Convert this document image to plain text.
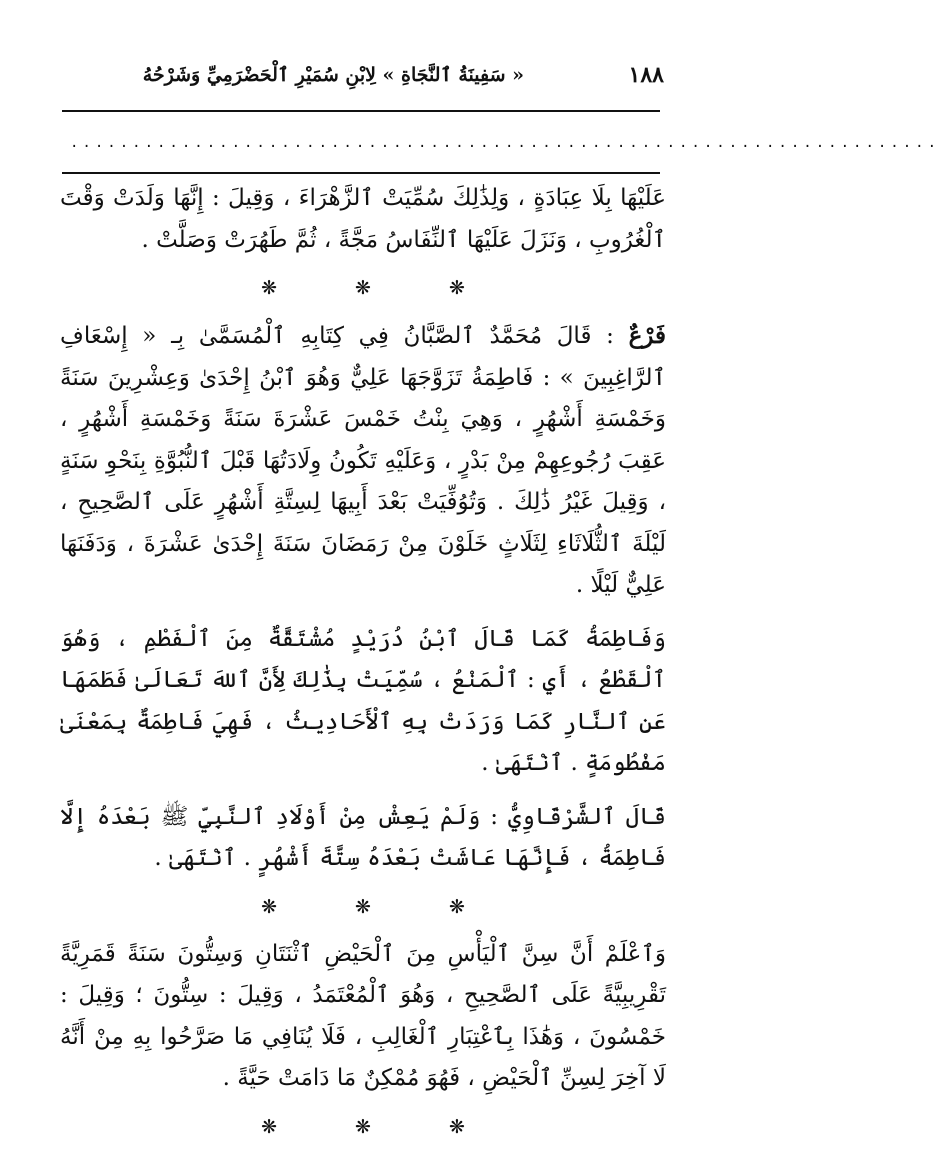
١٨٨
« سَفِينَةُ ٱلنَّجَاةِ » لِابْنِ سُمَيْرِ ٱلْحَضْرَمِيِّ وَشَرْحُهُ
......................................................................

عَلَيْهَا بِلَا عِبَادَةٍ ، وَلِذَٰلِكَ سُمِّيَتْ ٱلزَّهْرَاءَ ، وَقِيلَ : إِنَّهَا وَلَدَتْ وَقْتَ ٱلْغُرُوبِ ، وَنَزَلَ عَلَيْهَا ٱلنِّفَاسُ مَجَّةً ، ثُمَّ طَهُرَتْ وَصَلَّتْ .

❋	❋	❋

فَرْعٌ : قَالَ مُحَمَّدٌ ٱلصَّبَّانُ فِي كِتَابِهِ ٱلْمُسَمَّىٰ بِـ « إِسْعَافِ ٱلرَّاغِبِينَ » : فَاطِمَةُ تَزَوَّجَهَا عَلِيٌّ وَهُوَ ٱبْنُ إِحْدَىٰ وَعِشْرِينَ سَنَةً وَخَمْسَةِ أَشْهُرٍ ، وَهِيَ بِنْتُ خَمْسَ عَشْرَةَ سَنَةً وَخَمْسَةِ أَشْهُرٍ ، عَقِبَ رُجُوعِهِمْ مِنْ بَدْرٍ ، وَعَلَيْهِ تَكُونُ وِلَادَتُهَا قَبْلَ ٱلنُّبُوَّةِ بِنَحْوِ سَنَةٍ ، وَقِيلَ غَيْرُ ذَٰلِكَ . وَتُوُفِّيَتْ بَعْدَ أَبِيهَا لِسِتَّةِ أَشْهُرٍ عَلَى ٱلصَّحِيحِ ، لَيْلَةَ ٱلثُّلَاثَاءِ لِثَلَاثٍ خَلَوْنَ مِنْ رَمَضَانَ سَنَةَ إِحْدَىٰ عَشْرَةَ ، وَدَفَنَهَا عَلِيٌّ لَيْلًا .

وَفَاطِمَةُ كَمَا قَالَ ٱبْنُ دُرَيْدٍ مُشْتَقَّةٌ مِنَ ٱلْفَطْمِ ، وَهُوَ ٱلْقَطْعُ ، أَيِ : ٱلْمَنْعُ ، سُمِّيَتْ بِذَٰلِكَ لِأَنَّ ٱللهَ تَعَالَىٰ فَطَمَهَا عَنِ ٱلنَّارِ كَمَا وَرَدَتْ بِهِ ٱلْأَحَادِيثُ ، فَهِيَ فَاطِمَةٌ بِمَعْنَىٰ مَفْطُومَةٍ . ٱنْتَهَىٰ .

قَالَ ٱلشَّرْقَاوِيُّ : وَلَمْ يَعِشْ مِنْ أَوْلَادِ ٱلنَّبِيِّ ﷺ بَعْدَهُ إِلَّا فَاطِمَةُ ، فَإِنَّهَا عَاشَتْ بَعْدَهُ سِتَّةَ أَشْهُرٍ . ٱنْتَهَىٰ .

❋	❋	❋

وَٱعْلَمْ أَنَّ سِنَّ ٱلْيَأْسِ مِنَ ٱلْحَيْضِ ٱثْنَتَانِ وَسِتُّونَ سَنَةً قَمَرِيَّةً تَقْرِيبِيَّةً عَلَى ٱلصَّحِيحِ ، وَهُوَ ٱلْمُعْتَمَدُ ، وَقِيلَ : سِتُّونَ ؛ وَقِيلَ : خَمْسُونَ ، وَهَٰذَا بِٱعْتِبَارِ ٱلْغَالِبِ ، فَلَا يُنَافِي مَا صَرَّحُوا بِهِ مِنْ أَنَّهُ لَا آخِرَ لِسِنِّ ٱلْحَيْضِ ، فَهُوَ مُمْكِنٌ مَا دَامَتْ حَيَّةً .

❋	❋	❋
